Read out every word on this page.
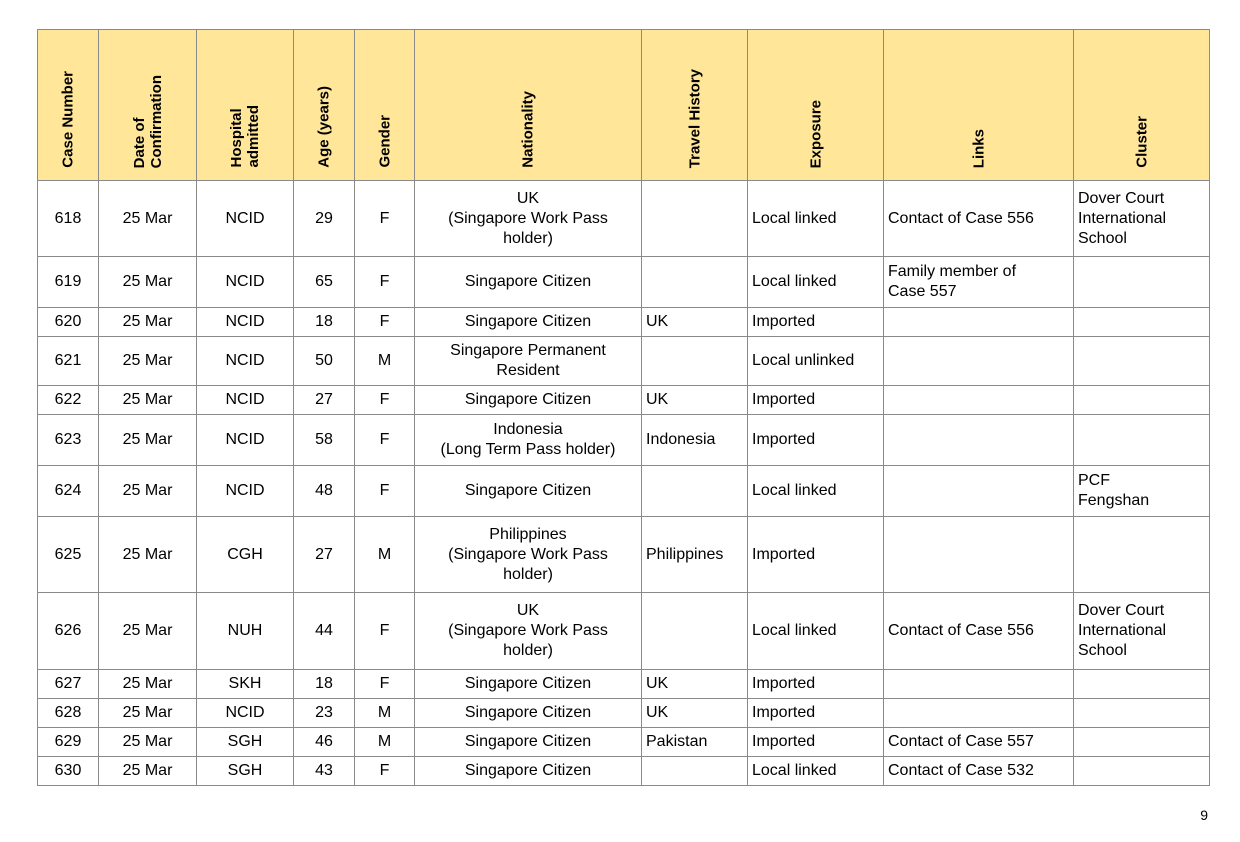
Case Number	Date of
Confirmation	Hospital
admitted	Age (years)	Gender	Nationality	Travel History	Exposure	Links	Cluster

618	25 Mar	NCID	29	F	UK
(Singapore Work Pass
holder)		Local linked	Contact of Case 556	Dover Court
International
School
619	25 Mar	NCID	65	F	Singapore Citizen		Local linked	Family member of
Case 557	
620	25 Mar	NCID	18	F	Singapore Citizen	UK	Imported		
621	25 Mar	NCID	50	M	Singapore Permanent
Resident		Local unlinked		
622	25 Mar	NCID	27	F	Singapore Citizen	UK	Imported		
623	25 Mar	NCID	58	F	Indonesia
(Long Term Pass holder)	Indonesia	Imported		
624	25 Mar	NCID	48	F	Singapore Citizen		Local linked		PCF
Fengshan
625	25 Mar	CGH	27	M	Philippines
(Singapore Work Pass
holder)	Philippines	Imported		
626	25 Mar	NUH	44	F	UK
(Singapore Work Pass
holder)		Local linked	Contact of Case 556	Dover Court
International
School
627	25 Mar	SKH	18	F	Singapore Citizen	UK	Imported		
628	25 Mar	NCID	23	M	Singapore Citizen	UK	Imported		
629	25 Mar	SGH	46	M	Singapore Citizen	Pakistan	Imported	Contact of Case 557	
630	25 Mar	SGH	43	F	Singapore Citizen		Local linked	Contact of Case 532	
9
